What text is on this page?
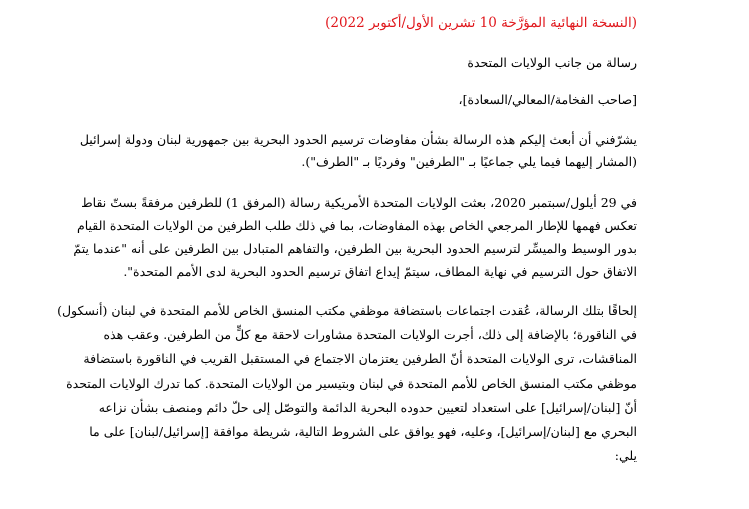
(النسخة النهائية المؤرَّخة 10 تشرين الأول/أكتوبر 2022)
رسالة من جانب الولايات المتحدة
[صاحب الفخامة/المعالي/السعادة]،
يشرّفني أن أبعث إليكم هذه الرسالة بشأن مفاوضات ترسيم الحدود البحرية بين جمهورية لبنان ودولة إسرائيل
(المشار إليهما فيما يلي جماعيًا بـ "الطرفين" وفرديًا بـ "الطرف").
في 29 أيلول/سبتمبر 2020، بعثت الولايات المتحدة الأمريكية رسالة (المرفق 1) للطرفين مرفقةً بستّ نقاط
تعكس فهمها للإطار المرجعي الخاص بهذه المفاوضات، بما في ذلك طلب الطرفين من الولايات المتحدة القيام
بدور الوسيط والميسِّر لترسيم الحدود البحرية بين الطرفين، والتفاهم المتبادل بين الطرفين على أنه "عندما يتمّ
الاتفاق حول الترسيم في نهاية المطاف، سيتمّ إيداع اتفاق ترسيم الحدود البحرية لدى الأمم المتحدة".
إلحاقًا بتلك الرسالة، عُقدت اجتماعات باستضافة موظفي مكتب المنسق الخاص للأمم المتحدة في لبنان (أنسكول)
في الناقورة؛ بالإضافة إلى ذلك، أجرت الولايات المتحدة مشاورات لاحقة مع كلٍّ من الطرفين. وعقب هذه
المناقشات، ترى الولايات المتحدة أنّ الطرفين يعتزمان الاجتماع في المستقبل القريب في الناقورة باستضافة
موظفي مكتب المنسق الخاص للأمم المتحدة في لبنان وبتيسير من الولايات المتحدة. كما تدرك الولايات المتحدة
أنّ [لبنان/إسرائيل] على استعداد لتعيين حدوده البحرية الدائمة والتوصّل إلى حلّ دائم ومنصف بشأن نزاعه
البحري مع [لبنان/إسرائيل]، وعليه، فهو يوافق على الشروط التالية، شريطة موافقة [إسرائيل/لبنان] على ما
يلي:
